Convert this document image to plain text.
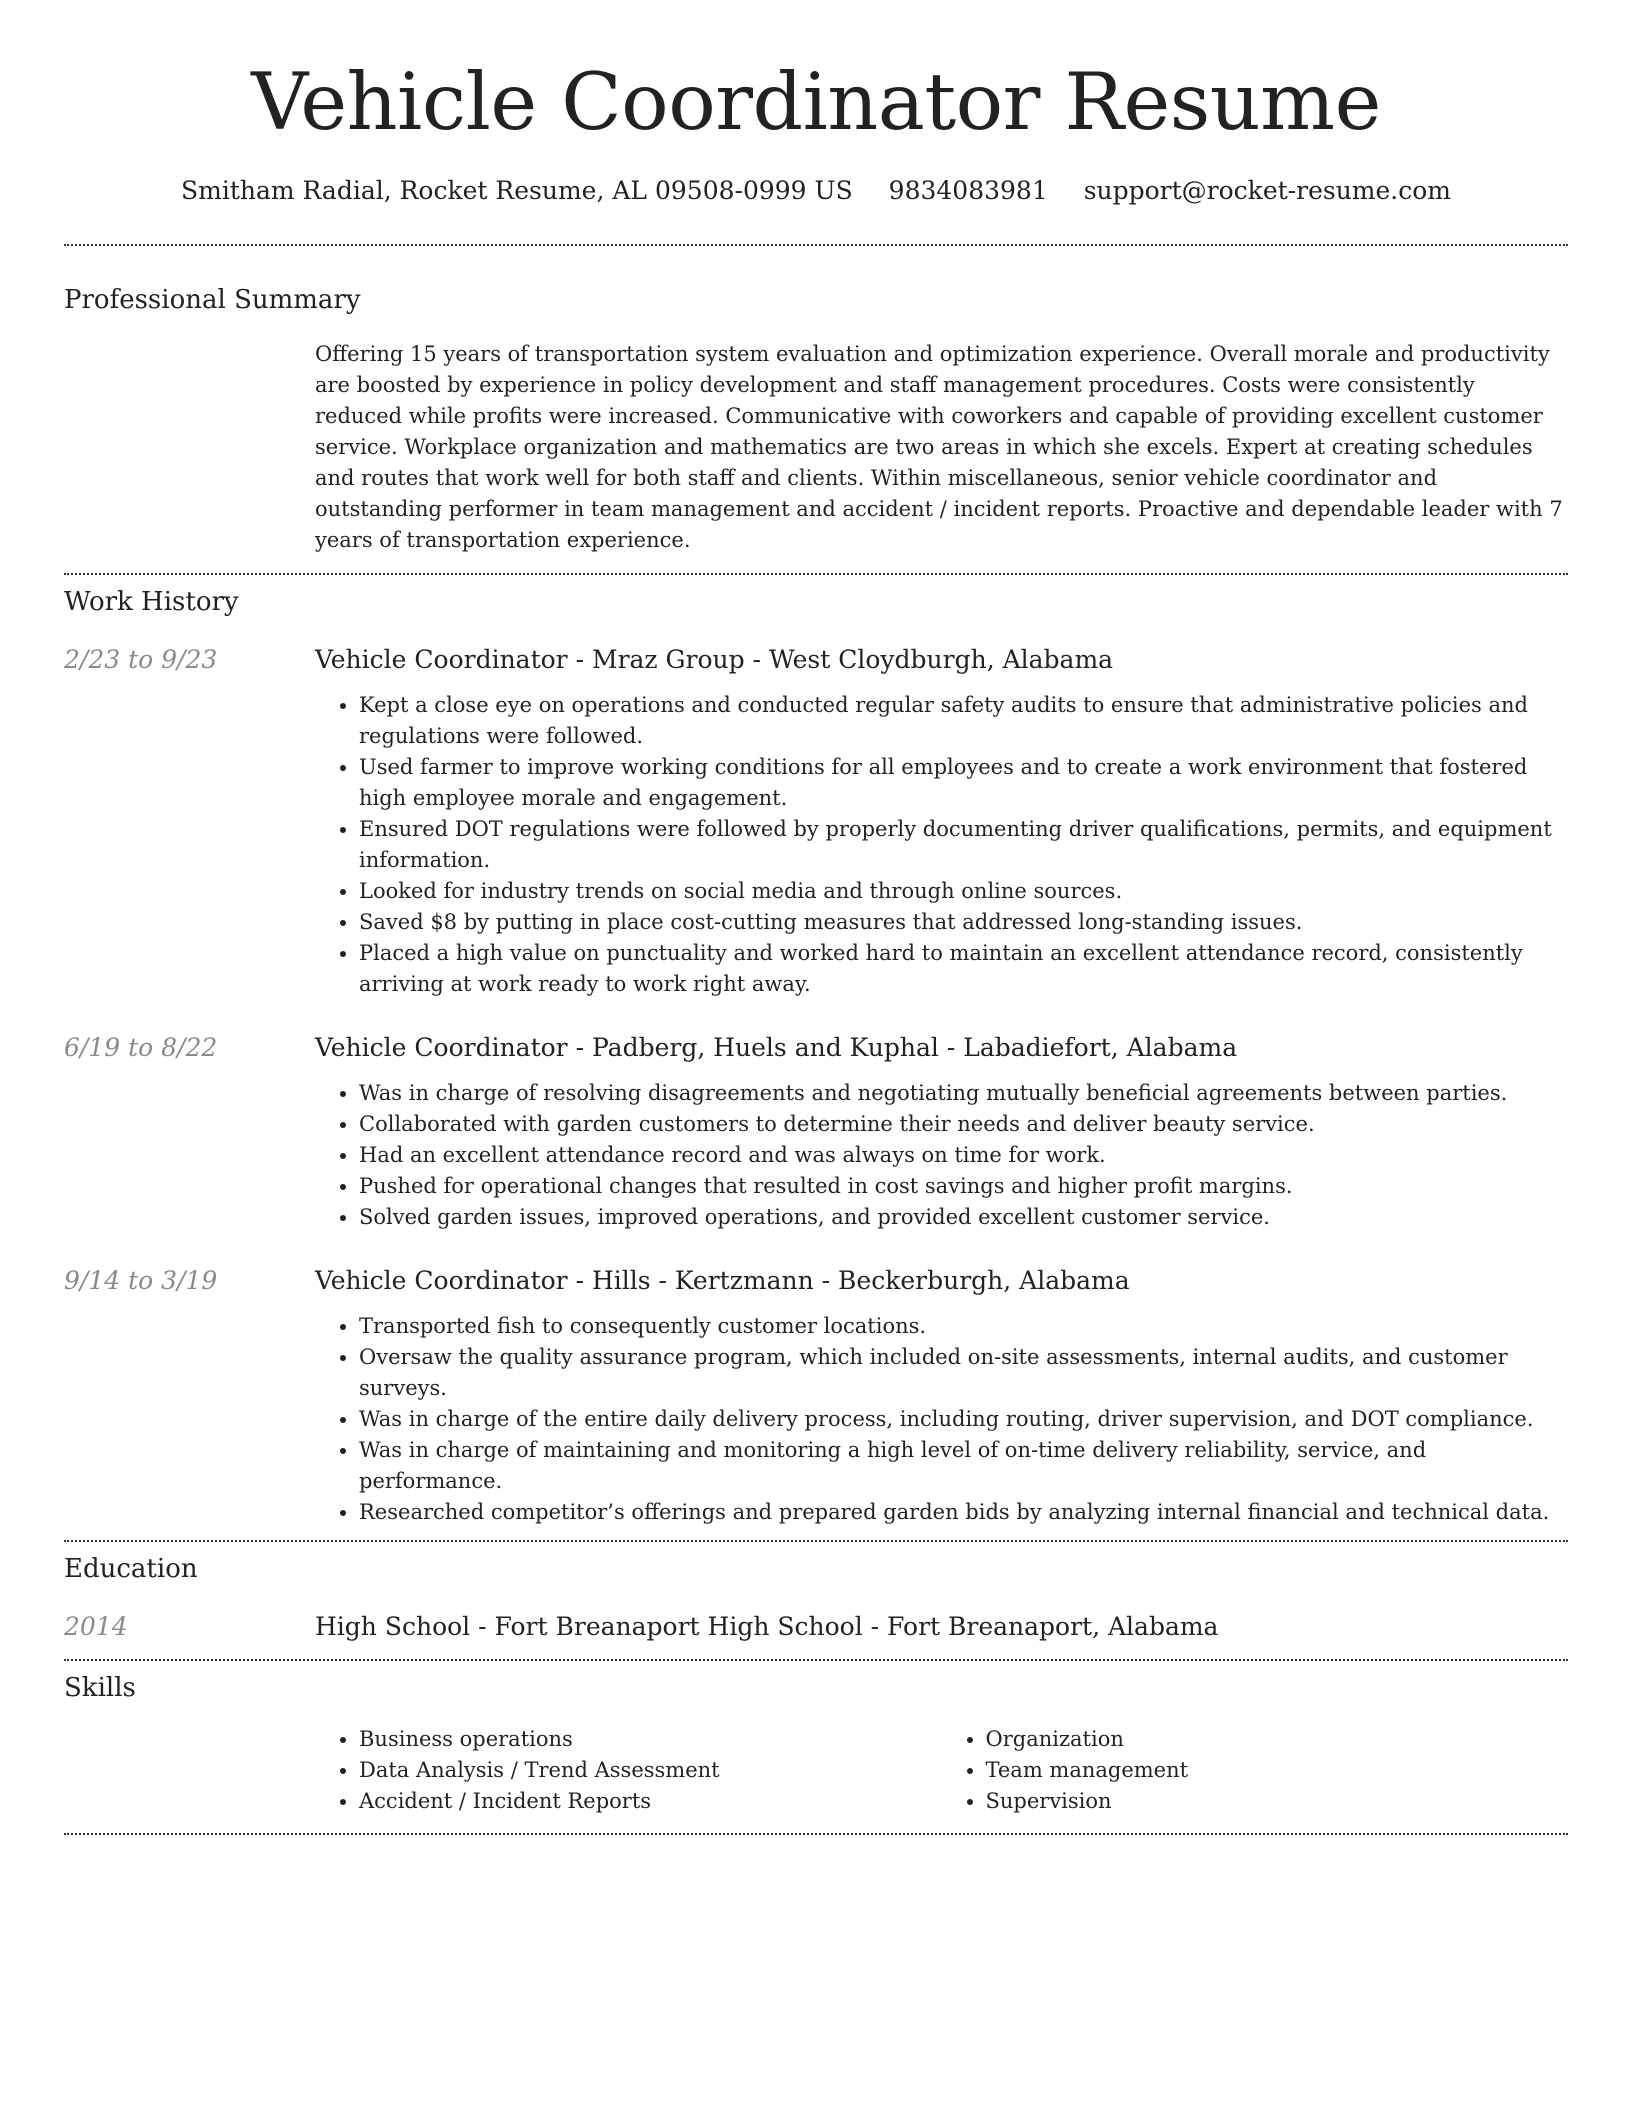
Vehicle Coordinator Resume
Smitham Radial, Rocket Resume, AL 09508-0999 US 9834083981 support@rocket-resume.com
Professional Summary

Offering 15 years of transportation system evaluation and optimization experience. Overall morale and productivity are boosted by experience in policy development and staff management procedures. Costs were consistently reduced while profits were increased. Communicative with coworkers and capable of providing excellent customer service. Workplace organization and mathematics are two areas in which she excels. Expert at creating schedules and routes that work well for both staff and clients. Within miscellaneous, senior vehicle coordinator and outstanding performer in team management and accident / incident reports. Proactive and dependable leader with 7 years of transportation experience.

Work History
2/23 to 9/23	Vehicle Coordinator - Mraz Group - West Cloydburgh, Alabama

• Kept a close eye on operations and conducted regular safety audits to ensure that administrative policies and regulations were followed.
• Used farmer to improve working conditions for all employees and to create a work environment that fostered high employee morale and engagement.
• Ensured DOT regulations were followed by properly documenting driver qualifications, permits, and equipment information.
• Looked for industry trends on social media and through online sources.
• Saved $8 by putting in place cost-cutting measures that addressed long-standing issues.
• Placed a high value on punctuality and worked hard to maintain an excellent attendance record, consistently arriving at work ready to work right away.
6/19 to 8/22	Vehicle Coordinator - Padberg, Huels and Kuphal - Labadiefort, Alabama

• Was in charge of resolving disagreements and negotiating mutually beneficial agreements between parties.
• Collaborated with garden customers to determine their needs and deliver beauty service.
• Had an excellent attendance record and was always on time for work.
• Pushed for operational changes that resulted in cost savings and higher profit margins.
• Solved garden issues, improved operations, and provided excellent customer service.
9/14 to 3/19	Vehicle Coordinator - Hills - Kertzmann - Beckerburgh, Alabama

• Transported fish to consequently customer locations.
• Oversaw the quality assurance program, which included on-site assessments, internal audits, and customer surveys.
• Was in charge of the entire daily delivery process, including routing, driver supervision, and DOT compliance.
• Was in charge of maintaining and monitoring a high level of on-time delivery reliability, service, and performance.
• Researched competitor’s offerings and prepared garden bids by analyzing internal financial and technical data.
Education
2014	High School - Fort Breanaport High School - Fort Breanaport, Alabama

Skills
• Business operations
• Data Analysis / Trend Assessment
• Accident / Incident Reports
• Organization
• Team management
• Supervision
